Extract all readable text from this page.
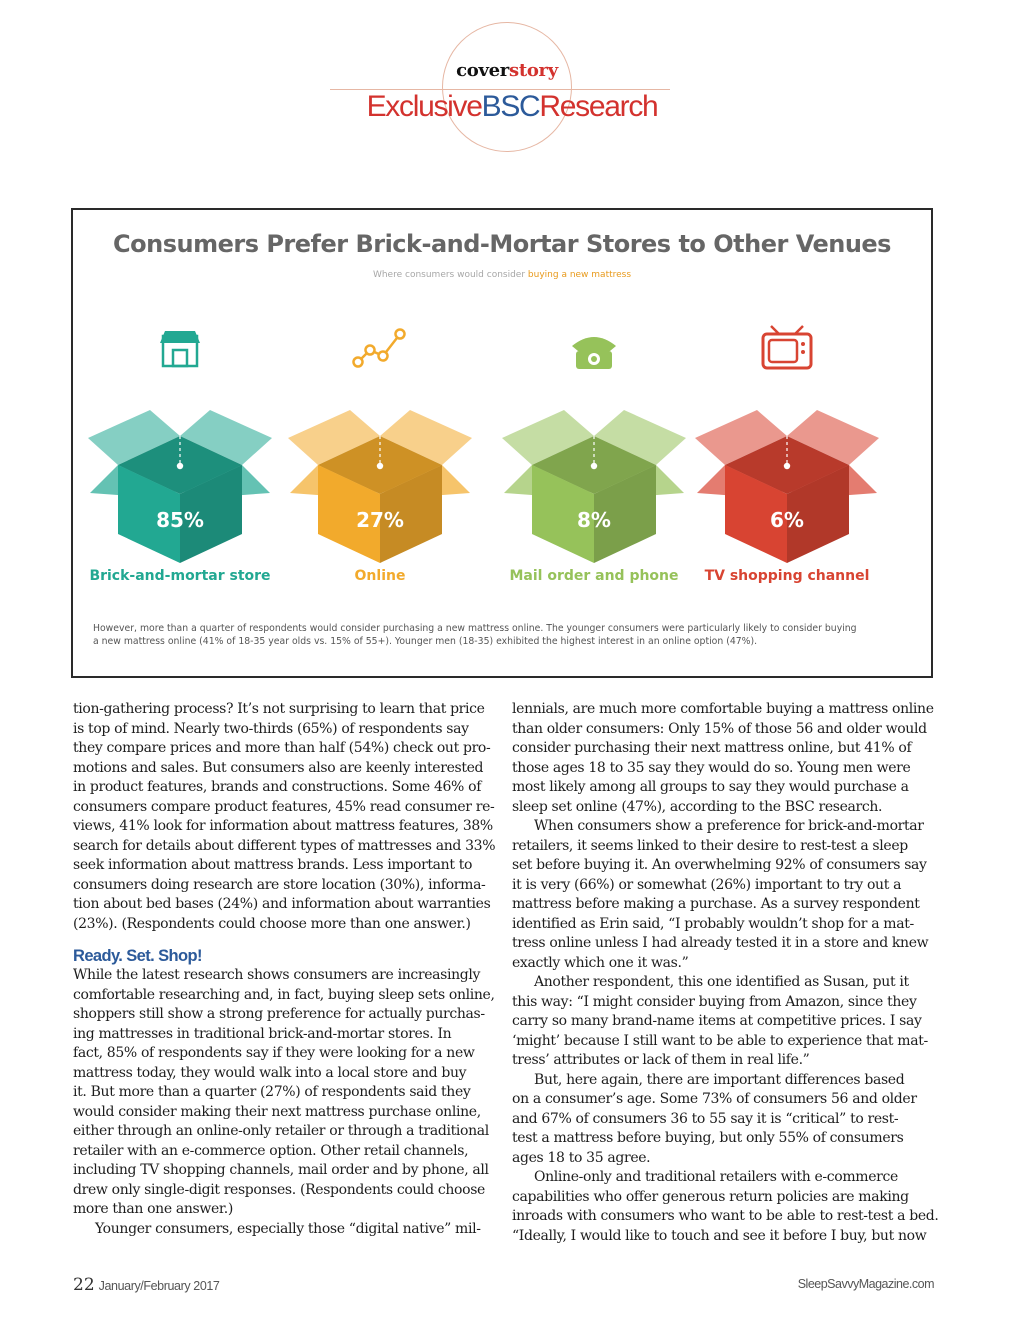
coverstory
ExclusiveBSCResearch
Consumers Prefer Brick-and-Mortar Stores to Other Venues
Where consumers would consider buying a new mattress
85%	27%	8%	6%
Brick-and-mortar store	Online	Mail order and phone	TV shopping channel

However, more than a quarter of respondents would consider purchasing a new mattress online. The younger consumers were particularly likely to consider buying

a new mattress online (41% of 18-35 year olds vs. 15% of 55+). Younger men (18-35) exhibited the highest interest in an online option (47%).

tion-gathering process? It’s not surprising to learn that price

is top of mind. Nearly two-thirds (65%) of respondents say

they compare prices and more than half (54%) check out pro-

motions and sales. But consumers also are keenly interested

in product features, brands and constructions. Some 46% of

consumers compare product features, 45% read consumer re-

views, 41% look for information about mattress features, 38%

search for details about different types of mattresses and 33%

seek information about mattress brands. Less important to

consumers doing research are store location (30%), informa-

tion about bed bases (24%) and information about warranties

(23%). (Respondents could choose more than one answer.)

Ready. Set. Shop!

While the latest research shows consumers are increasingly

comfortable researching and, in fact, buying sleep sets online,

shoppers still show a strong preference for actually purchas-

ing mattresses in traditional brick-and-mortar stores. In

fact, 85% of respondents say if they were looking for a new

mattress today, they would walk into a local store and buy

it. But more than a quarter (27%) of respondents said they

would consider making their next mattress purchase online,

either through an online-only retailer or through a traditional

retailer with an e-commerce option. Other retail channels,

including TV shopping channels, mail order and by phone, all

drew only single-digit responses. (Respondents could choose

more than one answer.)

Younger consumers, especially those “digital native” mil-

lennials, are much more comfortable buying a mattress online

than older consumers: Only 15% of those 56 and older would

consider purchasing their next mattress online, but 41% of

those ages 18 to 35 say they would do so. Young men were

most likely among all groups to say they would purchase a

sleep set online (47%), according to the BSC research.

When consumers show a preference for brick-and-mortar

retailers, it seems linked to their desire to rest-test a sleep

set before buying it. An overwhelming 92% of consumers say

it is very (66%) or somewhat (26%) important to try out a

mattress before making a purchase. As a survey respondent

identified as Erin said, “I probably wouldn’t shop for a mat-

tress online unless I had already tested it in a store and knew

exactly which one it was.”

Another respondent, this one identified as Susan, put it

this way: “I might consider buying from Amazon, since they

carry so many brand-name items at competitive prices. I say

‘might’ because I still want to be able to experience that mat-

tress’ attributes or lack of them in real life.”

But, here again, there are important differences based

on a consumer’s age. Some 73% of consumers 56 and older

and 67% of consumers 36 to 55 say it is “critical” to rest-

test a mattress before buying, but only 55% of consumers

ages 18 to 35 agree.

Online-only and traditional retailers with e-commerce

capabilities who offer generous return policies are making

inroads with consumers who want to be able to rest-test a bed.

“Ideally, I would like to touch and see it before I buy, but now

22 January/February 2017	SleepSavvyMagazine.com
